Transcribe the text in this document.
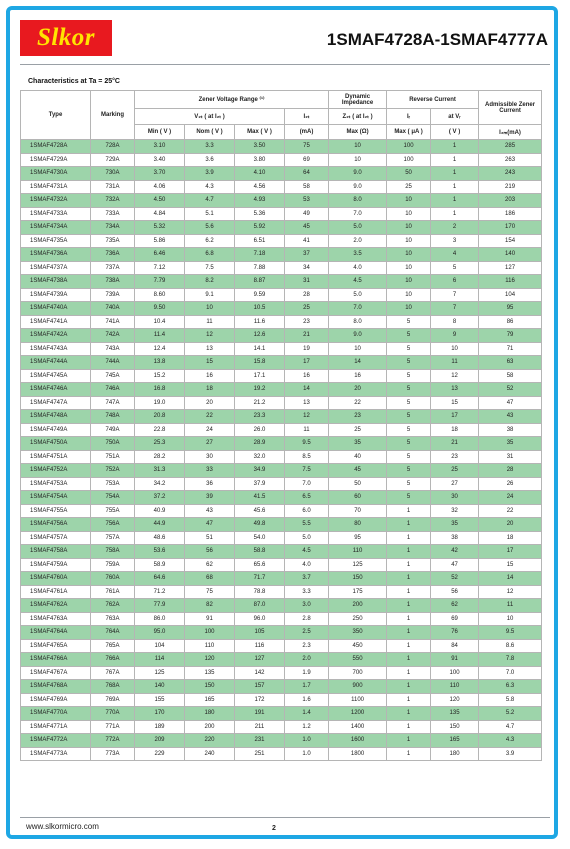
Slkor	1SMAF4728A-1SMAF4777A
Characteristics at Ta = 25°C
Type	Marking	Zener Voltage Range ⁽¹⁾				Dynamic Impedance	Reverse Current		Admissible Zener Current
		V₂ₜ ( at I₂ₜ )			I₂ₜ	Z₂ₜ ( at I₂ₜ )	Iᵣ	at Vᵣ	
		Min ( V )	Nom ( V )	Max ( V )	(mA)	Max (Ω)	Max ( μA )	( V )	I₂ₘ(mA)
1SMAF4728A	728A	3.10	3.3	3.50	75	10	100	1	285
1SMAF4729A	729A	3.40	3.6	3.80	69	10	100	1	263
1SMAF4730A	730A	3.70	3.9	4.10	64	9.0	50	1	243
1SMAF4731A	731A	4.06	4.3	4.56	58	9.0	25	1	219
1SMAF4732A	732A	4.50	4.7	4.93	53	8.0	10	1	203
1SMAF4733A	733A	4.84	5.1	5.36	49	7.0	10	1	186
1SMAF4734A	734A	5.32	5.6	5.92	45	5.0	10	2	170
1SMAF4735A	735A	5.86	6.2	6.51	41	2.0	10	3	154
1SMAF4736A	736A	6.46	6.8	7.18	37	3.5	10	4	140
1SMAF4737A	737A	7.12	7.5	7.88	34	4.0	10	5	127
1SMAF4738A	738A	7.79	8.2	8.87	31	4.5	10	6	116
1SMAF4739A	739A	8.60	9.1	9.59	28	5.0	10	7	104
1SMAF4740A	740A	9.50	10	10.5	25	7.0	10	7	95
1SMAF4741A	741A	10.4	11	11.6	23	8.0	5	8	86
1SMAF4742A	742A	11.4	12	12.6	21	9.0	5	9	79
1SMAF4743A	743A	12.4	13	14.1	19	10	5	10	71
1SMAF4744A	744A	13.8	15	15.8	17	14	5	11	63
1SMAF4745A	745A	15.2	16	17.1	16	16	5	12	58
1SMAF4746A	746A	16.8	18	19.2	14	20	5	13	52
1SMAF4747A	747A	19.0	20	21.2	13	22	5	15	47
1SMAF4748A	748A	20.8	22	23.3	12	23	5	17	43
1SMAF4749A	749A	22.8	24	26.0	11	25	5	18	38
1SMAF4750A	750A	25.3	27	28.9	9.5	35	5	21	35
1SMAF4751A	751A	28.2	30	32.0	8.5	40	5	23	31
1SMAF4752A	752A	31.3	33	34.9	7.5	45	5	25	28
1SMAF4753A	753A	34.2	36	37.9	7.0	50	5	27	26
1SMAF4754A	754A	37.2	39	41.5	6.5	60	5	30	24
1SMAF4755A	755A	40.9	43	45.6	6.0	70	1	32	22
1SMAF4756A	756A	44.9	47	49.8	5.5	80	1	35	20
1SMAF4757A	757A	48.6	51	54.0	5.0	95	1	38	18
1SMAF4758A	758A	53.6	56	58.8	4.5	110	1	42	17
1SMAF4759A	759A	58.9	62	65.6	4.0	125	1	47	15
1SMAF4760A	760A	64.6	68	71.7	3.7	150	1	52	14
1SMAF4761A	761A	71.2	75	78.8	3.3	175	1	56	12
1SMAF4762A	762A	77.9	82	87.0	3.0	200	1	62	11
1SMAF4763A	763A	86.0	91	96.0	2.8	250	1	69	10
1SMAF4764A	764A	95.0	100	105	2.5	350	1	76	9.5
1SMAF4765A	765A	104	110	116	2.3	450	1	84	8.6
1SMAF4766A	766A	114	120	127	2.0	550	1	91	7.8
1SMAF4767A	767A	125	135	142	1.9	700	1	100	7.0
1SMAF4768A	768A	140	150	157	1.7	900	1	110	6.3
1SMAF4769A	769A	155	165	172	1.6	1100	1	120	5.8
1SMAF4770A	770A	170	180	191	1.4	1200	1	135	5.2
1SMAF4771A	771A	189	200	211	1.2	1400	1	150	4.7
1SMAF4772A	772A	209	220	231	1.0	1600	1	165	4.3
1SMAF4773A	773A	229	240	251	1.0	1800	1	180	3.9
www.slkormicro.com	2
